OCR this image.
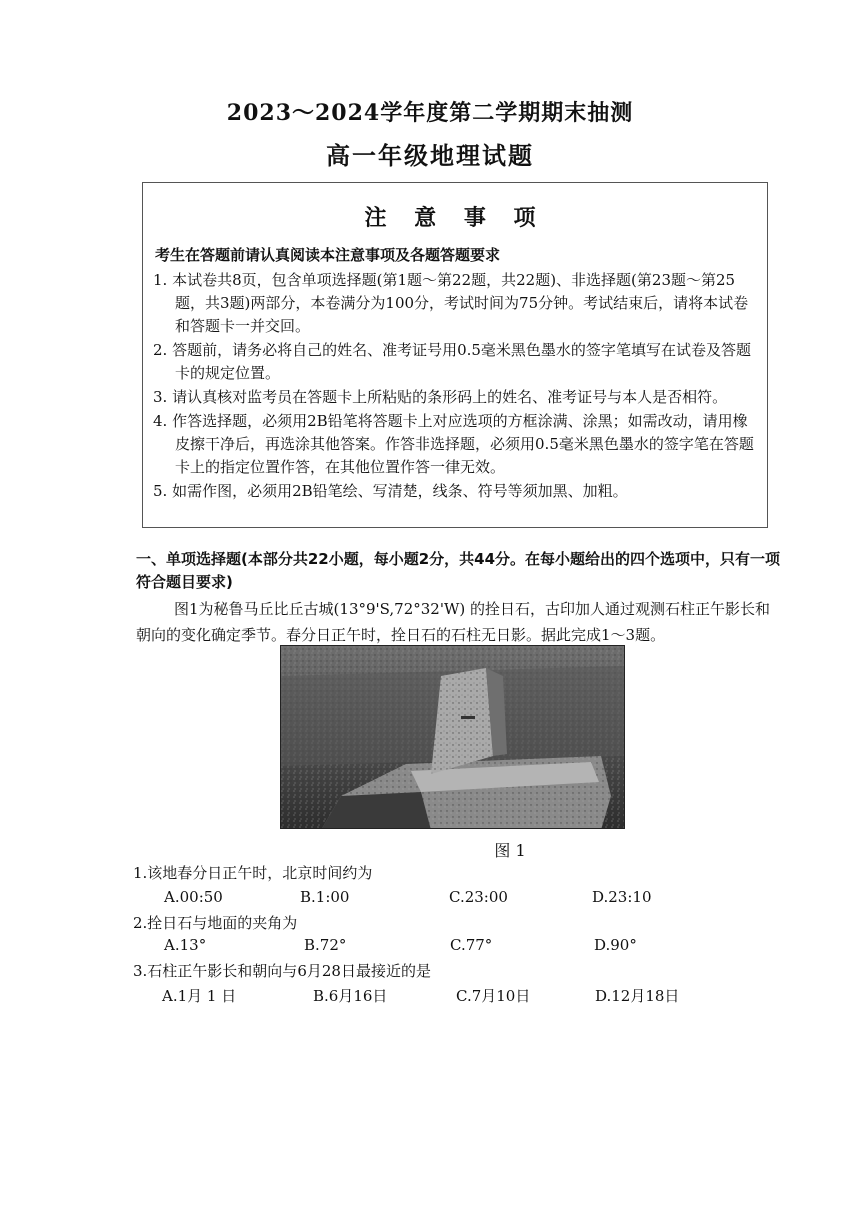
2023～2024学年度第二学期期末抽测
高一年级地理试题
注 意 事 项
考生在答题前请认真阅读本注意事项及各题答题要求
1. 本试卷共8页，包含单项选择题(第1题～第22题，共22题)、非选择题(第23题～第25题，共3题)两部分，本卷满分为100分，考试时间为75分钟。考试结束后，请将本试卷和答题卡一并交回。
2. 答题前，请务必将自己的姓名、准考证号用0.5毫米黑色墨水的签字笔填写在试卷及答题卡的规定位置。
3. 请认真核对监考员在答题卡上所粘贴的条形码上的姓名、准考证号与本人是否相符。
4. 作答选择题，必须用2B铅笔将答题卡上对应选项的方框涂满、涂黑；如需改动，请用橡皮擦干净后，再选涂其他答案。作答非选择题，必须用0.5毫米黑色墨水的签字笔在答题卡上的指定位置作答，在其他位置作答一律无效。
5. 如需作图，必须用2B铅笔绘、写清楚，线条、符号等须加黑、加粗。
一、单项选择题(本部分共22小题，每小题2分，共44分。在每小题给出的四个选项中，只有一项符合题目要求)
图1为秘鲁马丘比丘古城(13°9'S,72°32'W) 的拴日石，古印加人通过观测石柱正午影长和朝向的变化确定季节。春分日正午时，拴日石的石柱无日影。据此完成1～3题。
图 1
1.该地春分日正午时，北京时间约为
A.00:50	B.1:00	C.23:00	D.23:10
2.拴日石与地面的夹角为
A.13°	B.72°	C.77°	D.90°
3.石柱正午影长和朝向与6月28日最接近的是
A.1月 1 日	B.6月16日	C.7月10日	D.12月18日
